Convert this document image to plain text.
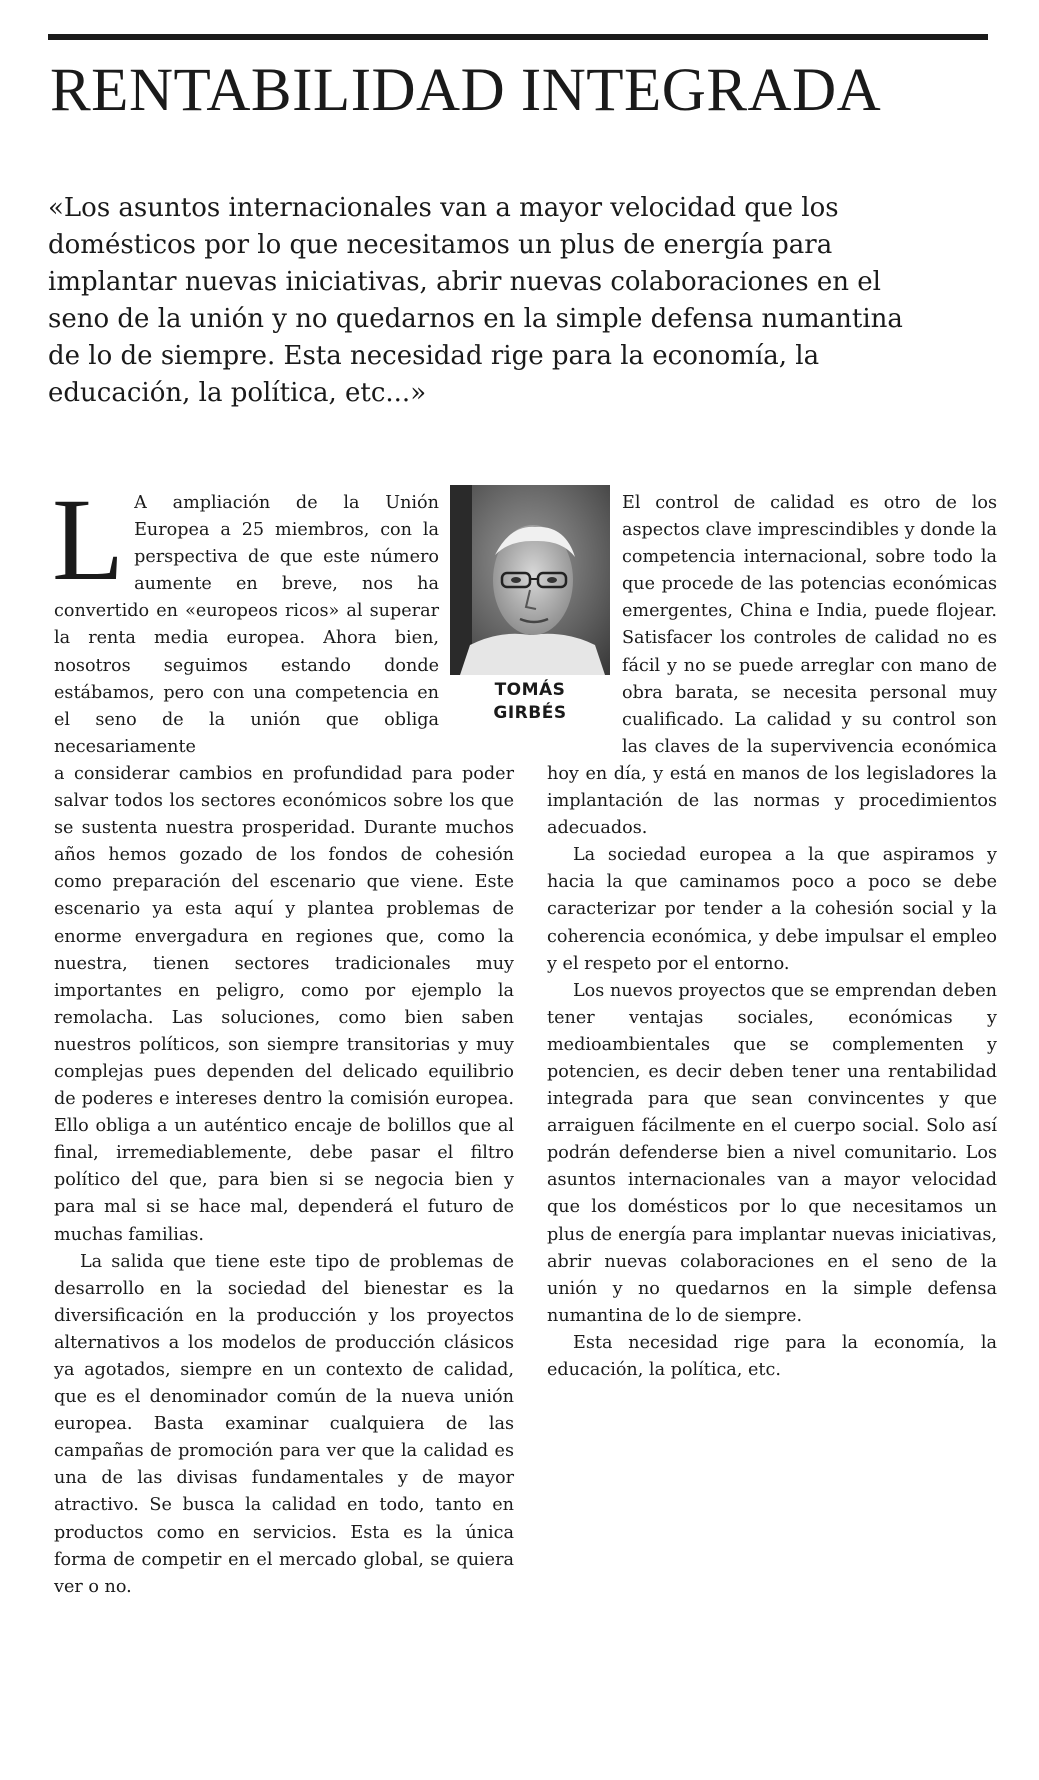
RENTABILIDAD INTEGRADA

«Los asuntos internacionales van a mayor velocidad que los

domésticos por lo que necesitamos un plus de energía para

implantar nuevas iniciativas, abrir nuevas colaboraciones en el

seno de la unión y no quedarnos en la simple defensa numantina

de lo de siempre. Esta necesidad rige para la economía, la

educación, la política, etc...»

L A ampliación de la Unión Europea a 25 miembros, con la perspectiva de que este número aumente en breve, nos ha convertido en «europeos ricos» al superar la renta media europea. Ahora bien, nosotros seguimos estando donde estábamos, pero con una competencia en el seno de la unión que obliga necesariamente

a considerar cambios en profundidad para poder salvar todos los sectores económicos sobre los que se sustenta nuestra prosperidad. Durante muchos años hemos gozado de los fondos de cohesión como preparación del escenario que viene. Este escenario ya esta aquí y plantea problemas de enorme envergadura en regiones que, como la nuestra, tienen sectores tradicionales muy importantes en peligro, como por ejemplo la remolacha. Las soluciones, como bien saben nuestros políticos, son siempre transitorias y muy complejas pues dependen del delicado equilibrio de poderes e intereses dentro la comisión europea. Ello obliga a un auténtico encaje de bolillos que al final, irremediablemente, debe pasar el filtro político del que, para bien si se negocia bien y para mal si se hace mal, dependerá el futuro de muchas familias.

La salida que tiene este tipo de problemas de desarrollo en la sociedad del bienestar es la diversificación en la producción y los proyectos alternativos a los modelos de producción clásicos ya agotados, siempre en un contexto de calidad, que es el denominador común de la nueva unión europea. Basta examinar cualquiera de las campañas de promoción para ver que la calidad es una de las divisas fundamentales y de mayor atractivo. Se busca la calidad en todo, tanto en productos como en servicios. Esta es la única forma de competir en el mercado global, se quiera ver o no.

TOMÁS
GIRBÉS

El control de calidad es otro de los aspectos clave imprescindibles y donde la competencia internacional, sobre todo la que procede de las potencias económicas emergentes, China e India, puede flojear. Satisfacer los controles de calidad no es fácil y no se puede arreglar con mano de obra barata, se necesita personal muy cualificado. La calidad y su control son las claves de la supervivencia económica hoy en día, y está en manos de los legisladores la implantación de las normas y procedimientos adecuados.

La sociedad europea a la que aspiramos y hacia la que caminamos poco a poco se debe caracterizar por tender a la cohesión social y la coherencia económica, y debe impulsar el empleo y el respeto por el entorno.

Los nuevos proyectos que se emprendan deben tener ventajas sociales, económicas y medioambientales que se complementen y potencien, es decir deben tener una rentabilidad integrada para que sean convincentes y que arraiguen fácilmente en el cuerpo social. Solo así podrán defenderse bien a nivel comunitario. Los asuntos internacionales van a mayor velocidad que los domésticos por lo que necesitamos un plus de energía para implantar nuevas iniciativas, abrir nuevas colaboraciones en el seno de la unión y no quedarnos en la simple defensa numantina de lo de siempre.

Esta necesidad rige para la economía, la educación, la política, etc.
